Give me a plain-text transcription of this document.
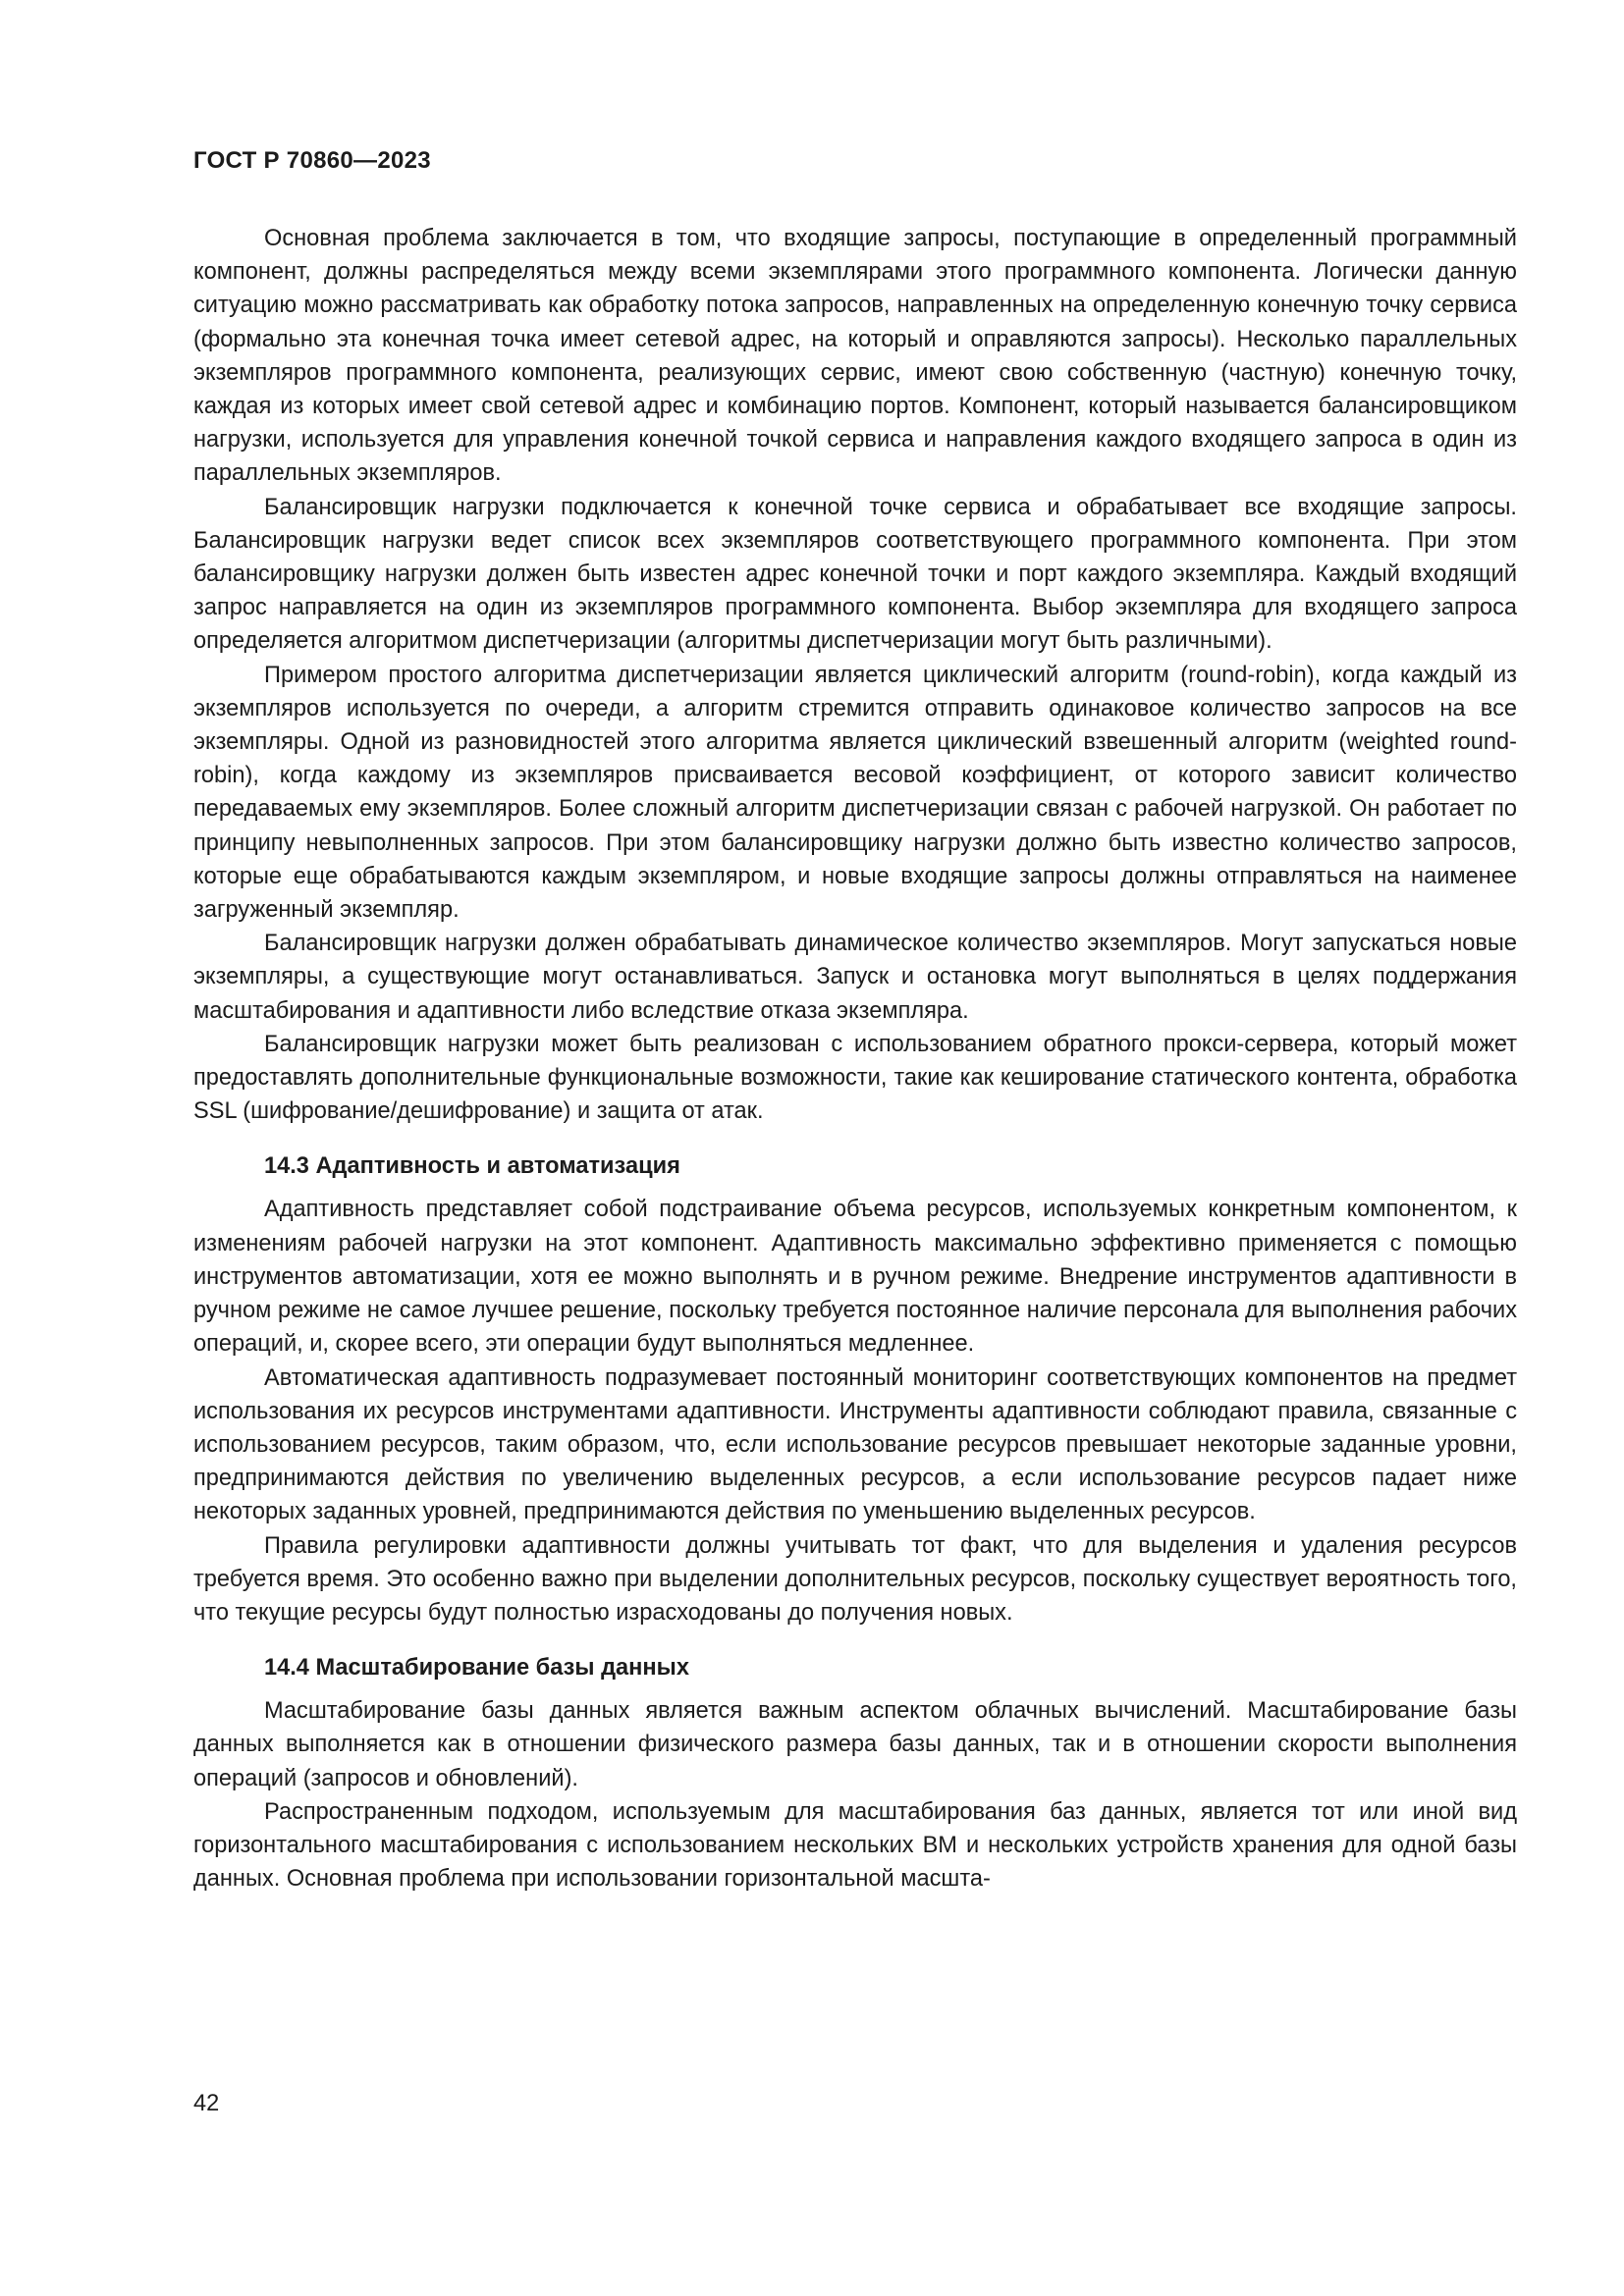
ГОСТ Р 70860—2023

Основная проблема заключается в том, что входящие запросы, поступающие в определенный программный компонент, должны распределяться между всеми экземплярами этого программного компонента. Логически данную ситуацию можно рассматривать как обработку потока запросов, направленных на определенную конечную точку сервиса (формально эта конечная точка имеет сетевой адрес, на который и оправляются запросы). Несколько параллельных экземпляров программного компонента, реализующих сервис, имеют свою собственную (частную) конечную точку, каждая из которых имеет свой сетевой адрес и комбинацию портов. Компонент, который называется балансировщиком нагрузки, используется для управления конечной точкой сервиса и направления каждого входящего запроса в один из параллельных экземпляров.

Балансировщик нагрузки подключается к конечной точке сервиса и обрабатывает все входящие запросы. Балансировщик нагрузки ведет список всех экземпляров соответствующего программного компонента. При этом балансировщику нагрузки должен быть известен адрес конечной точки и порт каждого экземпляра. Каждый входящий запрос направляется на один из экземпляров программного компонента. Выбор экземпляра для входящего запроса определяется алгоритмом диспетчеризации (алгоритмы диспетчеризации могут быть различными).

Примером простого алгоритма диспетчеризации является циклический алгоритм (round-robin), когда каждый из экземпляров используется по очереди, а алгоритм стремится отправить одинаковое количество запросов на все экземпляры. Одной из разновидностей этого алгоритма является циклический взвешенный алгоритм (weighted round-robin), когда каждому из экземпляров присваивается весовой коэффициент, от которого зависит количество передаваемых ему экземпляров. Более сложный алгоритм диспетчеризации связан с рабочей нагрузкой. Он работает по принципу невыполненных запросов. При этом балансировщику нагрузки должно быть известно количество запросов, которые еще обрабатываются каждым экземпляром, и новые входящие запросы должны отправляться на наименее загруженный экземпляр.

Балансировщик нагрузки должен обрабатывать динамическое количество экземпляров. Могут запускаться новые экземпляры, а существующие могут останавливаться. Запуск и остановка могут выполняться в целях поддержания масштабирования и адаптивности либо вследствие отказа экземпляра.

Балансировщик нагрузки может быть реализован с использованием обратного прокси-сервера, который может предоставлять дополнительные функциональные возможности, такие как кеширование статического контента, обработка SSL (шифрование/дешифрование) и защита от атак.

14.3 Адаптивность и автоматизация

Адаптивность представляет собой подстраивание объема ресурсов, используемых конкретным компонентом, к изменениям рабочей нагрузки на этот компонент. Адаптивность максимально эффективно применяется с помощью инструментов автоматизации, хотя ее можно выполнять и в ручном режиме. Внедрение инструментов адаптивности в ручном режиме не самое лучшее решение, поскольку требуется постоянное наличие персонала для выполнения рабочих операций, и, скорее всего, эти операции будут выполняться медленнее.

Автоматическая адаптивность подразумевает постоянный мониторинг соответствующих компонентов на предмет использования их ресурсов инструментами адаптивности. Инструменты адаптивности соблюдают правила, связанные с использованием ресурсов, таким образом, что, если использование ресурсов превышает некоторые заданные уровни, предпринимаются действия по увеличению выделенных ресурсов, а если использование ресурсов падает ниже некоторых заданных уровней, предпринимаются действия по уменьшению выделенных ресурсов.

Правила регулировки адаптивности должны учитывать тот факт, что для выделения и удаления ресурсов требуется время. Это особенно важно при выделении дополнительных ресурсов, поскольку существует вероятность того, что текущие ресурсы будут полностью израсходованы до получения новых.

14.4 Масштабирование базы данных

Масштабирование базы данных является важным аспектом облачных вычислений. Масштабирование базы данных выполняется как в отношении физического размера базы данных, так и в отношении скорости выполнения операций (запросов и обновлений).

Распространенным подходом, используемым для масштабирования баз данных, является тот или иной вид горизонтального масштабирования с использованием нескольких ВМ и нескольких устройств хранения для одной базы данных. Основная проблема при использовании горизонтальной масшта-

42
